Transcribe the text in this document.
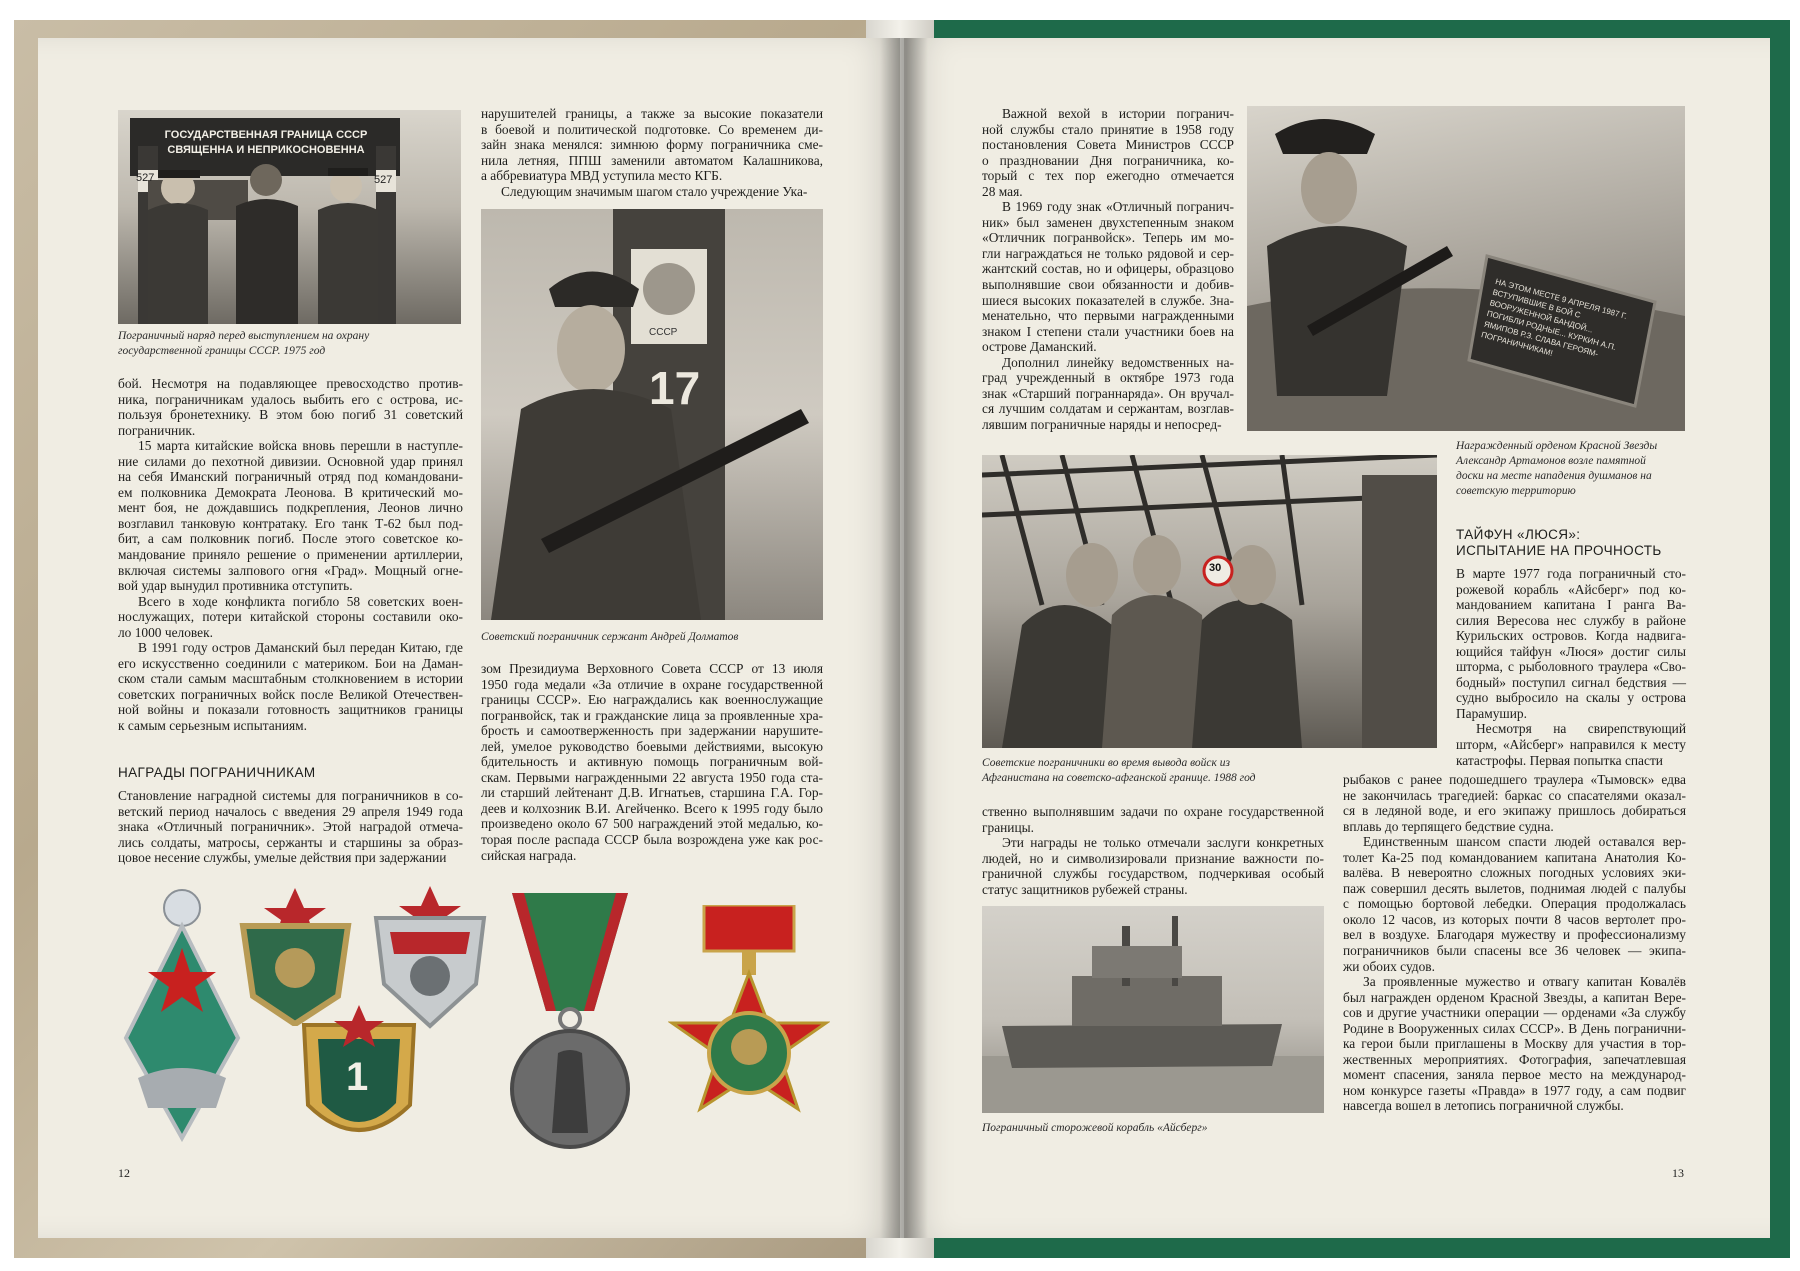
ГОСУДАРСТВЕННАЯ ГРАНИЦА СССР
СВЯЩЕННА И НЕПРИКОСНОВЕННА
527	527
Пограничный наряд перед выступлением на охрану
государственной границы СССР. 1975 год
бой. Несмотря на подавляющее превосходство против-
ника, пограничникам удалось выбить его с острова, ис-
пользуя бронетехнику. В этом бою погиб 31 советский
пограничник.
15 марта китайские войска вновь перешли в наступле-
ние силами до пехотной дивизии. Основной удар принял
на себя Иманский пограничный отряд под командовани-
ем полковника Демократа Леонова. В критический мо-
мент боя, не дождавшись подкрепления, Леонов лично
возглавил танковую контратаку. Его танк Т-62 был под-
бит, а сам полковник погиб. После этого советское ко-
мандование приняло решение о применении артиллерии,
включая системы залпового огня «Град». Мощный огне-
вой удар вынудил противника отступить.
Всего в ходе конфликта погибло 58 советских воен-
нослужащих, потери китайской стороны составили око-
ло 1000 человек.
В 1991 году остров Даманский был передан Китаю, где
его искусственно соединили с материком. Бои на Даман-
ском стали самым масштабным столкновением в истории
советских пограничных войск после Великой Отечествен-
ной войны и показали готовность защитников границы
к самым серьезным испытаниям.
НАГРАДЫ ПОГРАНИЧНИКАМ
Становление наградной системы для пограничников в со-
ветский период началось с введения 29 апреля 1949 года
знака «Отличный пограничник». Этой наградой отмеча-
лись солдаты, матросы, сержанты и старшины за образ-
цовое несение службы, умелые действия при задержании
нарушителей границы, а также за высокие показатели
в боевой и политической подготовке. Со временем ди-
зайн знака менялся: зимнюю форму пограничника сме-
нила летняя, ППШ заменили автоматом Калашникова,
а аббревиатура МВД уступила место КГБ.
Следующим значимым шагом стало учреждение Ука-
СССР
17
Советский пограничник сержант Андрей Долматов
зом Президиума Верховного Совета СССР от 13 июля
1950 года медали «За отличие в охране государственной
границы СССР». Ею награждались как военнослужащие
погранвойск, так и гражданские лица за проявленные хра-
брость и самоотверженность при задержании нарушите-
лей, умелое руководство боевыми действиями, высокую
бдительность и активную помощь пограничным вой-
скам. Первыми награжденными 22 августа 1950 года ста-
ли старший лейтенант Д.В. Игнатьев, старшина Г.А. Гор-
деев и колхозник В.И. Агейченко. Всего к 1995 году было
произведено около 67 500 награждений этой медалью, ко-
торая после распада СССР была возрождена уже как рос-
сийская награда.
1
12
Важной вехой в истории погранич-
ной службы стало принятие в 1958 году
постановления Совета Министров СССР
о праздновании Дня пограничника, ко-
торый с тех пор ежегодно отмечается
28 мая.
В 1969 году знак «Отличный погранич-
ник» был заменен двухстепенным знаком
«Отличник погранвойск». Теперь им мо-
гли награждаться не только рядовой и сер-
жантский состав, но и офицеры, образцово
выполнявшие свои обязанности и добив-
шиеся высоких показателей в службе. Зна-
менательно, что первыми награжденными
знаком I степени стали участники боев на
острове Даманский.
Дополнил линейку ведомственных на-
град учрежденный в октябре 1973 года
знак «Старший пограннаряда». Он вручал-
ся лучшим солдатам и сержантам, возглав-
лявшим пограничные наряды и непосред-
НА ЭТОМ МЕСТЕ 9 АПРЕЛЯ 1987 Г. ВСТУПИВШИЕ В БОЙ С ВООРУЖЕННОЙ БАНДОЙ... ПОГИБЛИ РОДНЫЕ... КУРКИН А.П. ЯМИПОВ Р.З. СЛАВА ГЕРОЯМ-ПОГРАНИЧНИКАМ!
Награжденный орденом Красной Звезды
Александр Артамонов возле памятной
доски на месте нападения душманов на
советскую территорию
30
Советские пограничники во время вывода войск из
Афганистана на советско-афганской границе. 1988 год
ственно выполнявшим задачи по охране государственной
границы.
Эти награды не только отмечали заслуги конкретных
людей, но и символизировали признание важности по-
граничной службы государством, подчеркивая особый
статус защитников рубежей страны.
Пограничный сторожевой корабль «Айсберг»
ТАЙФУН «ЛЮСЯ»:
ИСПЫТАНИЕ НА ПРОЧНОСТЬ
В марте 1977 года пограничный сто-
рожевой корабль «Айсберг» под ко-
мандованием капитана I ранга Ва-
силия Вересова нес службу в районе
Курильских островов. Когда надвига-
ющийся тайфун «Люся» достиг силы
шторма, с рыболовного траулера «Сво-
бодный» поступил сигнал бедствия —
судно выбросило на скалы у острова
Парамушир.
Несмотря на свирепствующий
шторм, «Айсберг» направился к месту
катастрофы. Первая попытка спасти
рыбаков с ранее подошедшего траулера «Тымовск» едва
не закончилась трагедией: баркас со спасателями оказал-
ся в ледяной воде, и его экипажу пришлось добираться
вплавь до терпящего бедствие судна.
Единственным шансом спасти людей оставался вер-
толет Ка-25 под командованием капитана Анатолия Ко-
валёва. В невероятно сложных погодных условиях эки-
паж совершил десять вылетов, поднимая людей с палубы
с помощью бортовой лебедки. Операция продолжалась
около 12 часов, из которых почти 8 часов вертолет про-
вел в воздухе. Благодаря мужеству и профессионализму
пограничников были спасены все 36 человек — экипа-
жи обоих судов.
За проявленные мужество и отвагу капитан Ковалёв
был награжден орденом Красной Звезды, а капитан Вере-
сов и другие участники операции — орденами «За службу
Родине в Вооруженных силах СССР». В День погранични-
ка герои были приглашены в Москву для участия в тор-
жественных мероприятиях. Фотография, запечатлевшая
момент спасения, заняла первое место на международ-
ном конкурсе газеты «Правда» в 1977 году, а сам подвиг
навсегда вошел в летопись пограничной службы.
13
